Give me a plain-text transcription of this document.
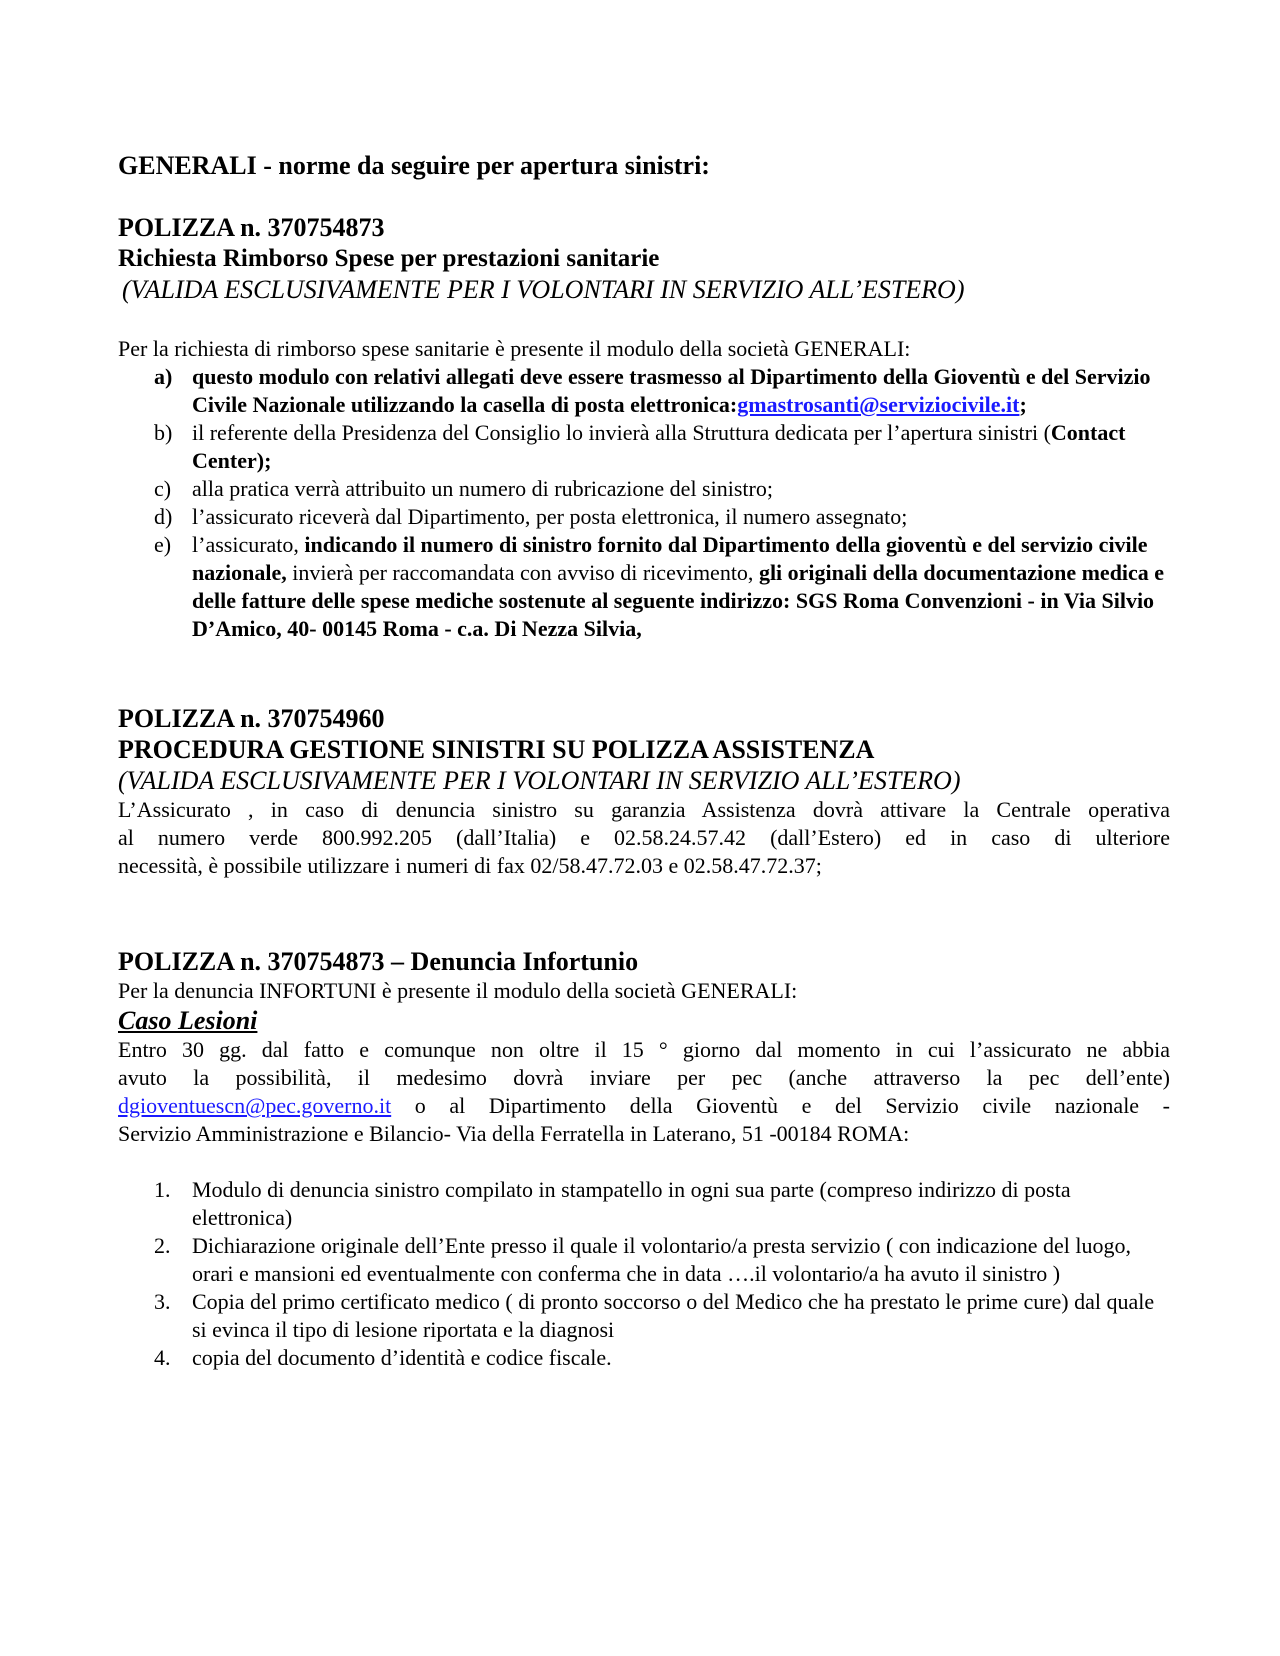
GENERALI - norme da seguire per apertura sinistri:

POLIZZA n. 370754873

Richiesta Rimborso Spese per prestazioni sanitarie

(VALIDA ESCLUSIVAMENTE PER I VOLONTARI IN SERVIZIO ALL’ESTERO)

Per la richiesta di rimborso spese sanitarie è presente il modulo della società GENERALI:

a) questo modulo con relativi allegati deve essere trasmesso al Dipartimento della Gioventù e del Servizio Civile Nazionale utilizzando la casella di posta elettronica:gmastrosanti@serviziocivile.it;
b) il referente della Presidenza del Consiglio lo invierà alla Struttura dedicata per l’apertura sinistri (Contact Center);
c) alla pratica verrà attribuito un numero di rubricazione del sinistro;
d) l’assicurato riceverà dal Dipartimento, per posta elettronica, il numero assegnato;
e) l’assicurato, indicando il numero di sinistro fornito dal Dipartimento della gioventù e del servizio civile nazionale, invierà per raccomandata con avviso di ricevimento, gli originali della documentazione medica e delle fatture delle spese mediche sostenute al seguente indirizzo: SGS Roma Convenzioni - in Via Silvio D’Amico, 40- 00145 Roma - c.a. Di Nezza Silvia,

POLIZZA n. 370754960

PROCEDURA GESTIONE SINISTRI SU POLIZZA ASSISTENZA

(VALIDA ESCLUSIVAMENTE PER I VOLONTARI IN SERVIZIO ALL’ESTERO)

L’Assicurato , in caso di denuncia sinistro su garanzia Assistenza dovrà attivare la Centrale operativa

al numero verde 800.992.205 (dall’Italia) e 02.58.24.57.42 (dall’Estero) ed in caso di ulteriore

necessità, è possibile utilizzare i numeri di fax 02/58.47.72.03 e 02.58.47.72.37;

POLIZZA n. 370754873 – Denuncia Infortunio

Per la denuncia INFORTUNI è presente il modulo della società GENERALI:

Caso Lesioni

Entro 30 gg. dal fatto e comunque non oltre il 15 ° giorno dal momento in cui l’assicurato ne abbia

avuto la possibilità, il medesimo dovrà inviare per pec (anche attraverso la pec dell’ente)

dgioventuescn@pec.governo.it o al Dipartimento della Gioventù e del Servizio civile nazionale -

Servizio Amministrazione e Bilancio- Via della Ferratella in Laterano, 51 -00184 ROMA:

1. Modulo di denuncia sinistro compilato in stampatello in ogni sua parte (compreso indirizzo di posta elettronica)
2. Dichiarazione originale dell’Ente presso il quale il volontario/a presta servizio ( con indicazione del luogo, orari e mansioni ed eventualmente con conferma che in data ….il volontario/a ha avuto il sinistro )
3. Copia del primo certificato medico ( di pronto soccorso o del Medico che ha prestato le prime cure) dal quale si evinca il tipo di lesione riportata e la diagnosi
4. copia del documento d’identità e codice fiscale.
